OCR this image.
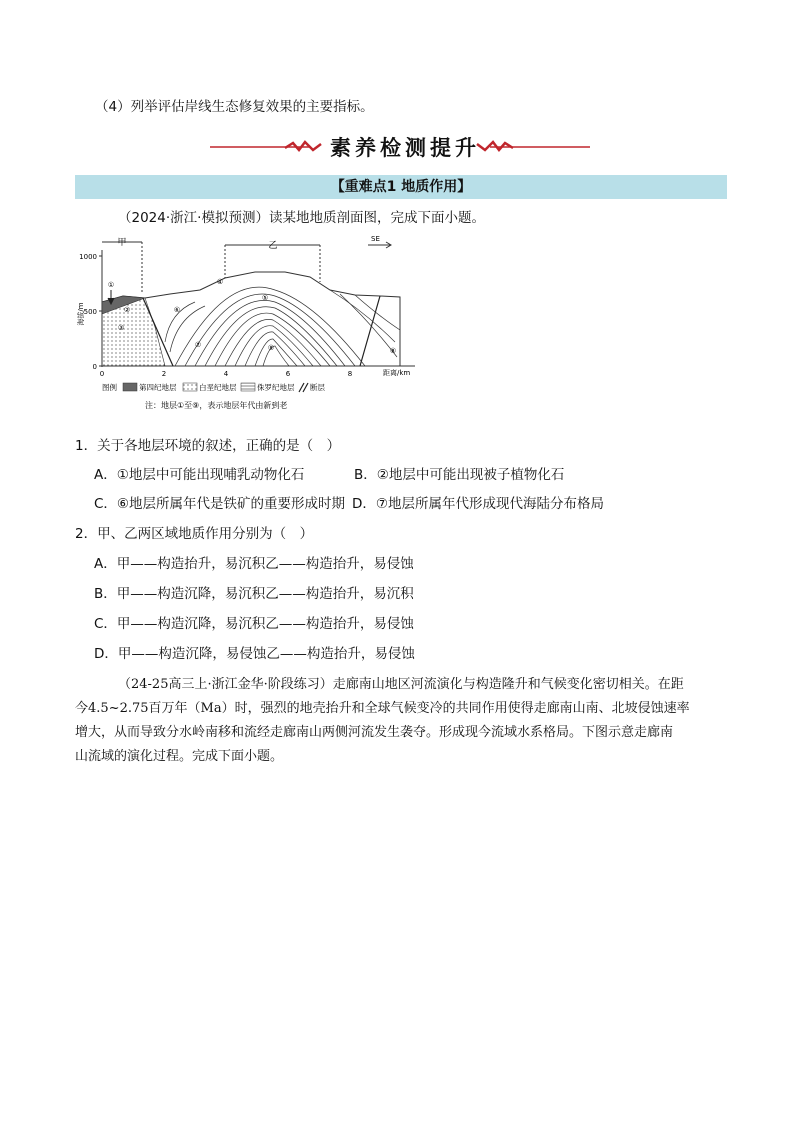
（4）列举评估岸线生态修复效果的主要指标。
素养检测提升
【重难点1 地质作用】
（2024·浙江·模拟预测）读某地地质剖面图，完成下面小题。
1000
500
0
海拔/m
0	2	4	6	8	距离/km
甲	乙
SE
①
②
③
④
⑤
⑥
⑦
⑧
⑨
图例	第四纪地层	白垩纪地层	侏罗纪地层 断层
注：地层①至⑨，表示地层年代由新到老
1．关于各地层环境的叙述，正确的是（　）
A．①地层中可能出现哺乳动物化石	B．②地层中可能出现被子植物化石
C．⑥地层所属年代是铁矿的重要形成时期 D．⑦地层所属年代形成现代海陆分布格局
2．甲、乙两区域地质作用分别为（　）
A．甲——构造抬升，易沉积乙——构造抬升，易侵蚀
B．甲——构造沉降，易沉积乙——构造抬升，易沉积
C．甲——构造沉降，易沉积乙——构造抬升，易侵蚀
D．甲——构造沉降，易侵蚀乙——构造抬升，易侵蚀
（24-25高三上·浙江金华·阶段练习）走廊南山地区河流演化与构造隆升和气候变化密切相关。在距
今4.5~2.75百万年（Ma）时，强烈的地壳抬升和全球气候变冷的共同作用使得走廊南山南、北坡侵蚀速率
增大，从而导致分水岭南移和流经走廊南山两侧河流发生袭夺。形成现今流域水系格局。下图示意走廊南
山流域的演化过程。完成下面小题。
